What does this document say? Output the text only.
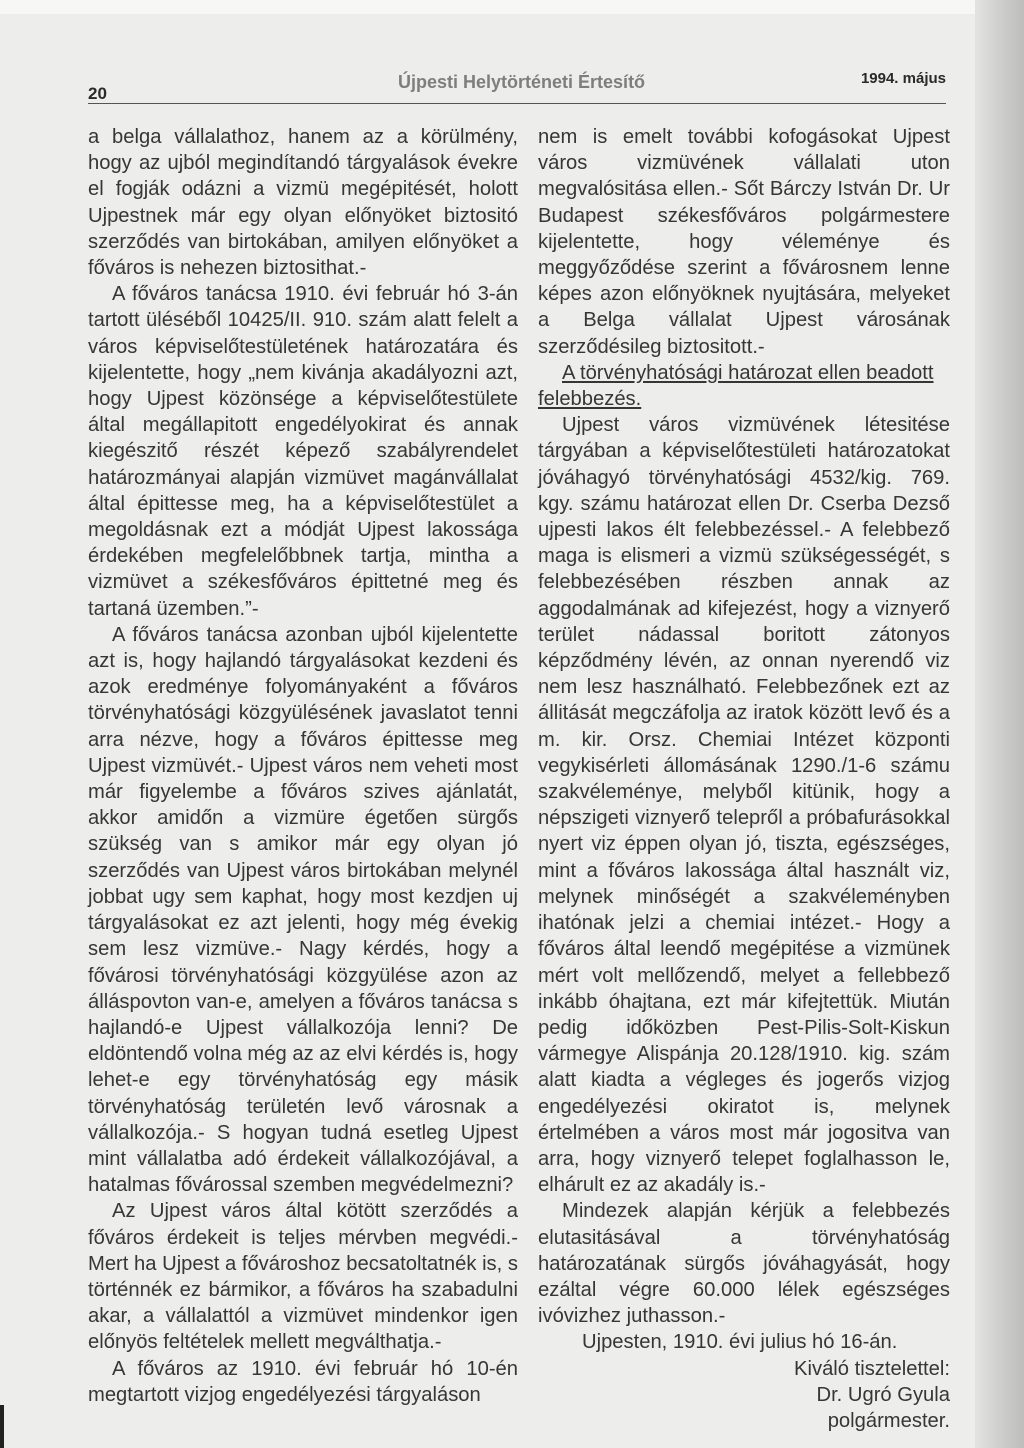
20
Újpesti Helytörténeti Értesítő	1994. május

a belga vállalathoz, hanem az a körülmény, hogy az ujból megindítandó tárgyalások évekre el fogják odázni a vizmü megépitését, holott Ujpestnek már egy olyan előnyöket biztositó szerződés van birtokában, amilyen előnyöket a főváros is nehezen biztosithat.-

A főváros tanácsa 1910. évi február hó 3-án tartott üléséből 10425/II. 910. szám alatt felelt a város képviselőtestületének határozatára és kijelentette, hogy „nem kivánja akadályozni azt, hogy Ujpest közönsége a képviselőtestülete által megállapitott engedélyokirat és annak kiegészitő részét képező szabályrendelet határozmányai alapján vizmüvet magánvállalat által épittesse meg, ha a képviselőtestület a megoldásnak ezt a módját Ujpest lakossága érdekében megfelelőbbnek tartja, mintha a vizmüvet a székesfőváros épittetné meg és tartaná üzemben.”-

A főváros tanácsa azonban ujból kijelentette azt is, hogy hajlandó tárgyalásokat kezdeni és azok eredménye folyományaként a főváros törvényhatósági közgyülésének javaslatot tenni arra nézve, hogy a főváros épittesse meg Ujpest vizmüvét.- Ujpest város nem veheti most már figyelembe a főváros szives ajánlatát, akkor amidőn a vizmüre égetően sürgős szükség van s amikor már egy olyan jó szerződés van Ujpest város birtokában melynél jobbat ugy sem kaphat, hogy most kezdjen uj tárgyalásokat ez azt jelenti, hogy még évekig sem lesz vizmüve.- Nagy kérdés, hogy a fővárosi törvényhatósági közgyülése azon az álláspονton van-e, amelyen a főváros tanácsa s hajlandó-e Ujpest vállalkozója lenni? De eldöntendő volna még az az elvi kérdés is, hogy lehet-e egy törvényhatóság egy másik törvényhatóság területén levő városnak a vállalkozója.- S hogyan tudná esetleg Ujpest mint vállalatba adó érdekeit vállalkozójával, a hatalmas fővárossal szemben megvédelmezni?

Az Ujpest város által kötött szerződés a főváros érdekeit is teljes mérvben megvédi.- Mert ha Ujpest a fővároshoz becsatoltatnék is, s történnék ez bármikor, a főváros ha szabadulni akar, a vállalattól a vizmüvet mindenkor igen előnyös feltételek mellett megválthatja.-

A főváros az 1910. évi február hó 10-én megtartott vizjog engedélyezési tárgyaláson

nem is emelt további kofogásokat Ujpest város vizmüvének vállalati uton megvalósitása ellen.- Sőt Bárczy István Dr. Ur Budapest székesfőváros polgármestere kijelentette, hogy véleménye és meggyőződése szerint a fővárosnem lenne képes azon előnyöknek nyujtására, melyeket a Belga vállalat Ujpest városának szerződésileg biztositott.-

A törvényhatósági határozat ellen beadott felebbezés.

Ujpest város vizmüvének létesitése tárgyában a képviselőtestületi határozatokat jóváhagyó törvényhatósági 4532/kig. 769. kgy. számu határozat ellen Dr. Cserba Dezső ujpesti lakos élt felebbezéssel.- A felebbező maga is elismeri a vizmü szükségességét, s felebbezésében részben annak az aggodalmának ad kifejezést, hogy a viznyerő terület nádassal boritott zátonyos képződmény lévén, az onnan nyerendő viz nem lesz használható. Felebbezőnek ezt az állitását megczáfolja az iratok között levő és a m. kir. Orsz. Chemiai Intézet központi vegykisérleti állomásának 1290./1-6 számu szakvéleménye, melyből kitünik, hogy a népszigeti viznyerő telepről a próbafurásokkal nyert viz éppen olyan jó, tiszta, egészséges, mint a főváros lakossága által használt viz, melynek minőségét a szakvéleményben ihatónak jelzi a chemiai intézet.- Hogy a főváros által leendő megépitése a vizmünek mért volt mellőzendő, melyet a fellebbező inkább óhajtana, ezt már kifejtettük. Miután pedig időközben Pest-Pilis-Solt-Kiskun vármegye Alispánja 20.128/1910. kig. szám alatt kiadta a végleges és jogerős vizjog engedélyezési okiratot is, melynek értelmében a város most már jogositva van arra, hogy viznyerő telepet foglalhasson le, elhárult ez az akadály is.-

Mindezek alapján kérjük a felebbezés elutasitásával a törvényhatóság határozatának sürgős jóváhagyását, hogy ezáltal végre 60.000 lélek egészséges ivóvizhez juthasson.-

Ujpesten, 1910. évi julius hó 16-án.

Kiváló tisztelettel:

Dr. Ugró Gyula

polgármester.
